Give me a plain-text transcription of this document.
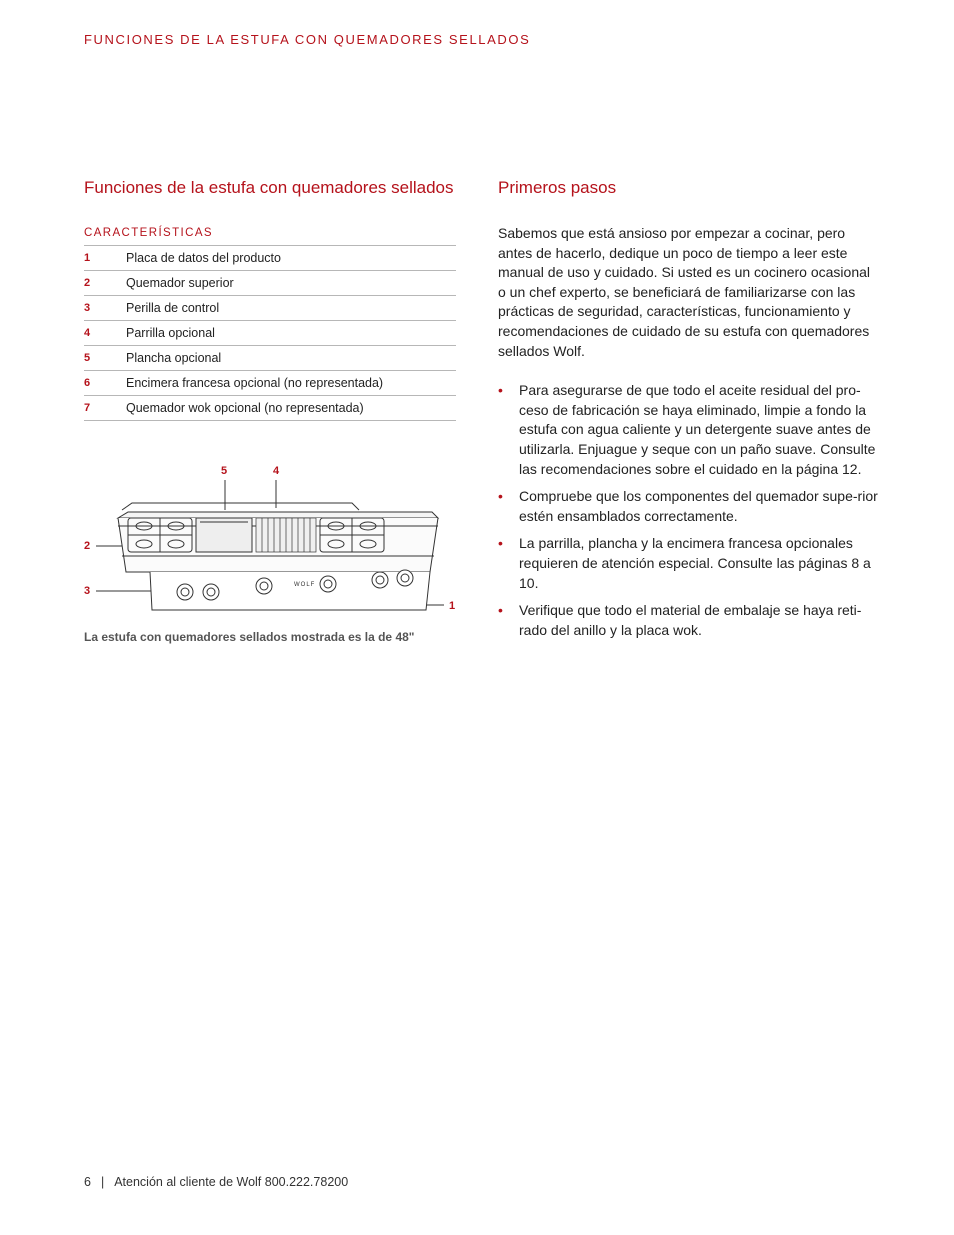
FUNCIONES DE LA ESTUFA CON QUEMADORES SELLADOS
Funciones de la estufa con quemadores sellados
CARACTERÍSTICAS
1	Placa de datos del producto
2	Quemador superior
3	Perilla de control
4	Parrilla opcional
5	Plancha opcional
6	Encimera francesa opcional (no representada)
7	Quemador wok opcional (no representada)
WOLF
5	4
2
3
1
La estufa con quemadores sellados mostrada es la de 48"
Primeros pasos

Sabemos que está ansioso por empezar a cocinar, pero antes de hacerlo, dedique un poco de tiempo a leer este manual de uso y cuidado. Si usted es un cocinero ocasional o un chef experto, se beneficiará de familiarizarse con las prácticas de seguridad, características, funcionamiento y recomendaciones de cuidado de su estufa con quemadores sellados Wolf.

• Para asegurarse de que todo el aceite residual del pro-ceso de fabricación se haya eliminado, limpie a fondo la estufa con agua caliente y un detergente suave antes de utilizarla. Enjuague y seque con un paño suave. Consulte las recomendaciones sobre el cuidado en la página 12.
• Compruebe que los componentes del quemador supe-rior estén ensamblados correctamente.
• La parrilla, plancha y la encimera francesa opcionales requieren de atención especial. Consulte las páginas 8 a 10.
• Verifique que todo el material de embalaje se haya reti-rado del anillo y la placa wok.
6 | Atención al cliente de Wolf 800.222.78200
